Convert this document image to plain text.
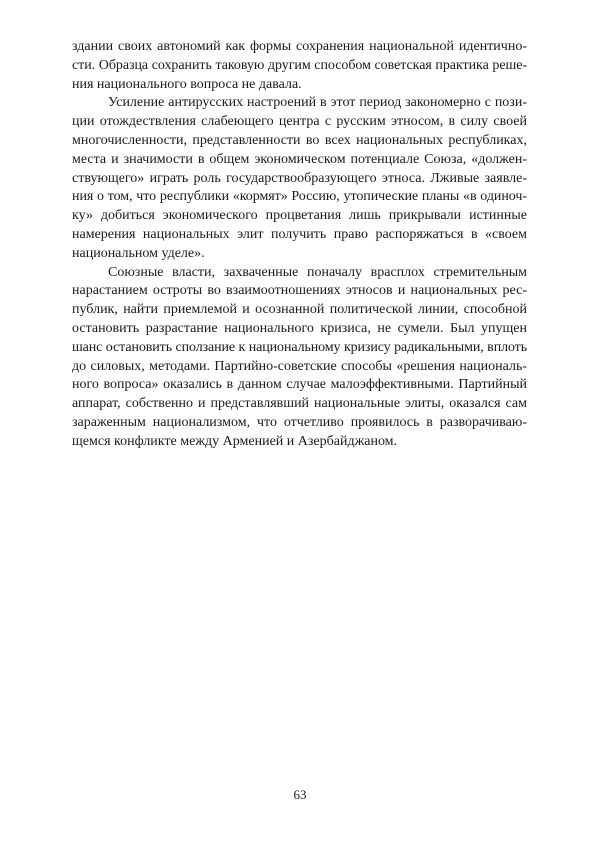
здании своих автономий как формы сохранения национальной идентично-
сти. Образца сохранить таковую другим способом советская практика реше-
ния национального вопроса не давала.

Усиление антирусских настроений в этот период закономерно с пози-
ции отождествления слабеющего центра с русским этносом, в силу своей
многочисленности, представленности во всех национальных республиках,
места и значимости в общем экономическом потенциале Союза, «должен-
ствующего» играть роль государствообразующего этноса. Лживые заявле-
ния о том, что республики «кормят» Россию, утопические планы «в одиноч-
ку» добиться экономического процветания лишь прикрывали истинные
намерения национальных элит получить право распоряжаться в «своем
национальном уделе».

Союзные власти, захваченные поначалу врасплох стремительным
нарастанием остроты во взаимоотношениях этносов и национальных рес-
публик, найти приемлемой и осознанной политической линии, способной
остановить разрастание национального кризиса, не сумели. Был упущен
шанс остановить сползание к национальному кризису радикальными, вплоть
до силовых, методами. Партийно-советские способы «решения националь-
ного вопроса» оказались в данном случае малоэффективными. Партийный
аппарат, собственно и представлявший национальные элиты, оказался сам
зараженным национализмом, что отчетливо проявилось в разворачиваю-
щемся конфликте между Арменией и Азербайджаном.

63
